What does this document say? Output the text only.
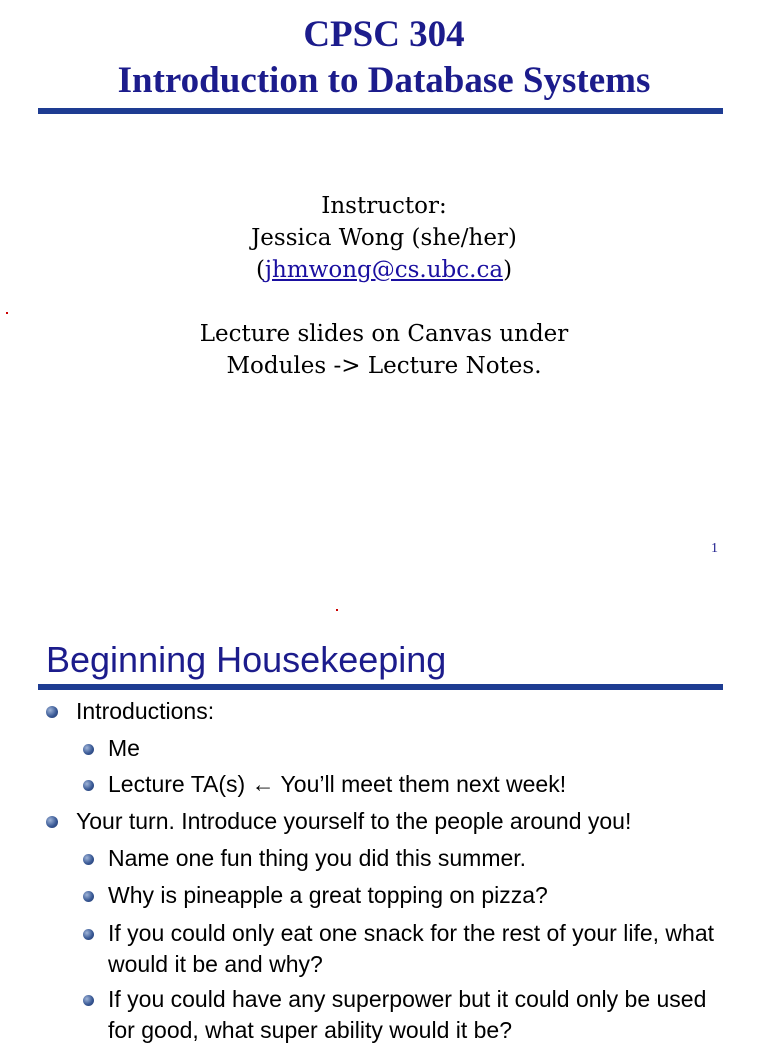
CPSC 304
Introduction to Database Systems
Instructor:
Jessica Wong (she/her)
(jhmwong@cs.ubc.ca)
Lecture slides on Canvas under
Modules -> Lecture Notes.
1
Beginning Housekeeping
Introductions:
Me
Lecture TA(s) ← You’ll meet them next week!
Your turn. Introduce yourself to the people around you!
Name one fun thing you did this summer.
Why is pineapple a great topping on pizza?
If you could only eat one snack for the rest of your life, what would it be and why?
If you could have any superpower but it could only be used for good, what super ability would it be?
